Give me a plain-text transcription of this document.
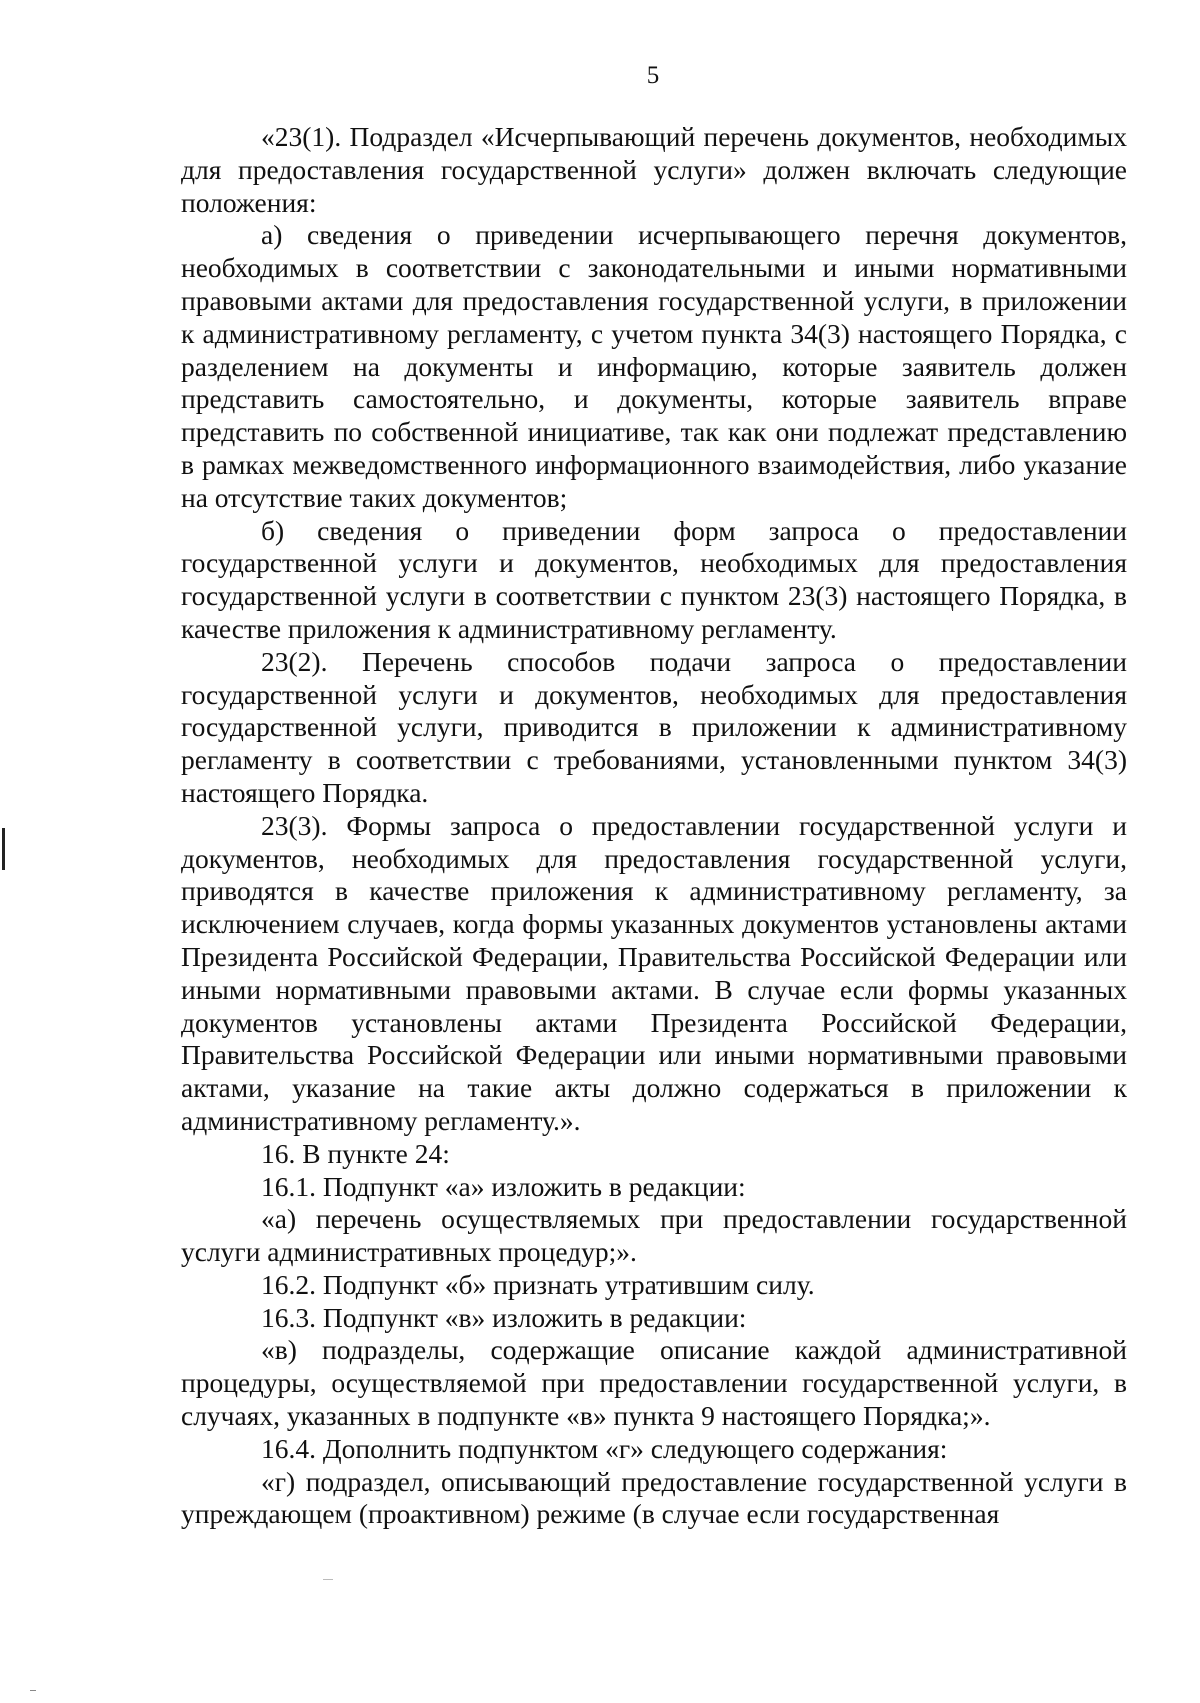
5

«23(1). Подраздел «Исчерпывающий перечень документов, необходимых для предоставления государственной услуги» должен включать следующие положения:

а) сведения о приведении исчерпывающего перечня документов, необходимых в соответствии с законодательными и иными нормативными правовыми актами для предоставления государственной услуги, в приложении к административному регламенту, с учетом пункта 34(3) настоящего Порядка, с разделением на документы и информацию, которые заявитель должен представить самостоятельно, и документы, которые заявитель вправе представить по собственной инициативе, так как они подлежат представлению в рамках межведомственного информационного взаимодействия, либо указание на отсутствие таких документов;

б) сведения о приведении форм запроса о предоставлении государственной услуги и документов, необходимых для предоставления государственной услуги в соответствии с пунктом 23(3) настоящего Порядка, в качестве приложения к административному регламенту.

23(2). Перечень способов подачи запроса о предоставлении государственной услуги и документов, необходимых для предоставления государственной услуги, приводится в приложении к административному регламенту в соответствии с требованиями, установленными пунктом 34(3) настоящего Порядка.

23(3). Формы запроса о предоставлении государственной услуги и документов, необходимых для предоставления государственной услуги, приводятся в качестве приложения к административному регламенту, за исключением случаев, когда формы указанных документов установлены актами Президента Российской Федерации, Правительства Российской Федерации или иными нормативными правовыми актами. В случае если формы указанных документов установлены актами Президента Российской Федерации, Правительства Российской Федерации или иными нормативными правовыми актами, указание на такие акты должно содержаться в приложении к административному регламенту.».

16. В пункте 24:

16.1. Подпункт «а» изложить в редакции:

«а) перечень осуществляемых при предоставлении государственной услуги административных процедур;».

16.2. Подпункт «б» признать утратившим силу.

16.3. Подпункт «в» изложить в редакции:

«в) подразделы, содержащие описание каждой административной процедуры, осуществляемой при предоставлении государственной услуги, в случаях, указанных в подпункте «в» пункта 9 настоящего Порядка;».

16.4. Дополнить подпунктом «г» следующего содержания:

«г) подраздел, описывающий предоставление государственной услуги в упреждающем (проактивном) режиме (в случае если государственная
